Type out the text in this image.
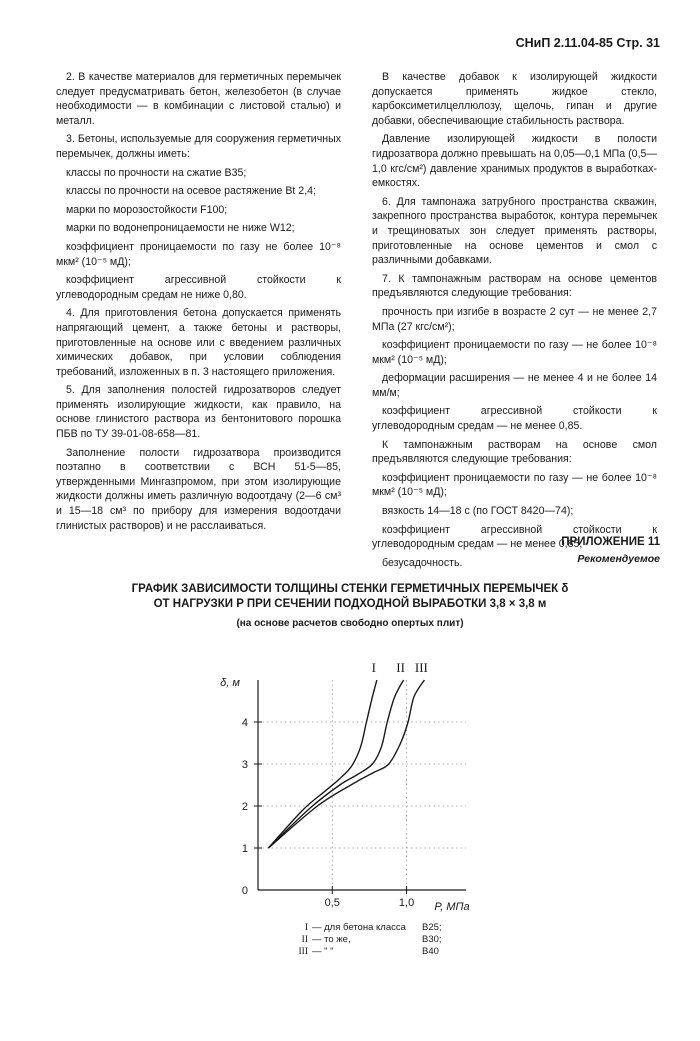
СНиП 2.11.04-85 Стр. 31

2. В качестве материалов для герметичных перемычек следует предусматривать бетон, железобетон (в случае необходимости — в комбинации с листовой сталью) и металл.

3. Бетоны, используемые для сооружения герметичных перемычек, должны иметь:

классы по прочности на сжатие В35;

классы по прочности на осевое растяжение Bt 2,4;

марки по морозостойкости F100;

марки по водонепроницаемости не ниже W12;

коэффициент проницаемости по газу не более 10⁻⁸ мкм² (10⁻⁵ мД);

коэффициент агрессивной стойкости к углеводородным средам не ниже 0,80.

4. Для приготовления бетона допускается применять напрягающий цемент, а также бетоны и растворы, приготовленные на основе или с введением различных химических добавок, при условии соблюдения требований, изложенных в п. 3 настоящего приложения.

5. Для заполнения полостей гидрозатворов следует применять изолирующие жидкости, как правило, на основе глинистого раствора из бентонитового порошка ПБВ по ТУ 39-01-08-658—81.

Заполнение полости гидрозатвора производится поэтапно в соответствии с ВСН 51-5—85, утвержденными Мингазпромом, при этом изолирующие жидкости должны иметь различную водоотдачу (2—6 см³ и 15—18 см³ по прибору для измерения водоотдачи глинистых растворов) и не расслаиваться.

В качестве добавок к изолирующей жидкости допускается применять жидкое стекло, карбоксиметилцеллюлозу, щелочь, гипан и другие добавки, обеспечивающие стабильность раствора.

Давление изолирующей жидкости в полости гидрозатвора должно превышать на 0,05—0,1 МПа (0,5—1,0 кгс/см²) давление хранимых продуктов в выработках-емкостях.

6. Для тампонажа затрубного пространства скважин, закрепного пространства выработок, контура перемычек и трещиноватых зон следует применять растворы, приготовленные на основе цементов и смол с различными добавками.

7. К тампонажным растворам на основе цементов предъявляются следующие требования:

прочность при изгибе в возрасте 2 сут — не менее 2,7 МПа (27 кгс/см²);

коэффициент проницаемости по газу — не более 10⁻⁸ мкм² (10⁻⁵ мД);

деформации расширения — не менее 4 и не более 14 мм/м;

коэффициент агрессивной стойкости к углеводородным средам — не менее 0,85.

К тампонажным растворам на основе смол предъявляются следующие требования:

коэффициент проницаемости по газу — не более 10⁻⁸ мкм² (10⁻⁵ мД);

вязкость 14—18 с (по ГОСТ 8420—74);

коэффициент агрессивной стойкости к углеводородным средам — не менее 0,85;

безусадочность.

ПРИЛОЖЕНИЕ 11
Рекомендуемое
ГРАФИК ЗАВИСИМОСТИ ТОЛЩИНЫ СТЕНКИ ГЕРМЕТИЧНЫХ ПЕРЕМЫЧЕК δ
ОТ НАГРУЗКИ P ПРИ СЕЧЕНИИ ПОДХОДНОЙ ВЫРАБОТКИ 3,8 × 3,8 м
(на основе расчетов свободно опертых плит)
0,5	1,0
0
1
2
3
4
δ, м
P, МПа
I II III
I — для бетона класса	B25;
II — то же,	B30;
III — " "	B40
